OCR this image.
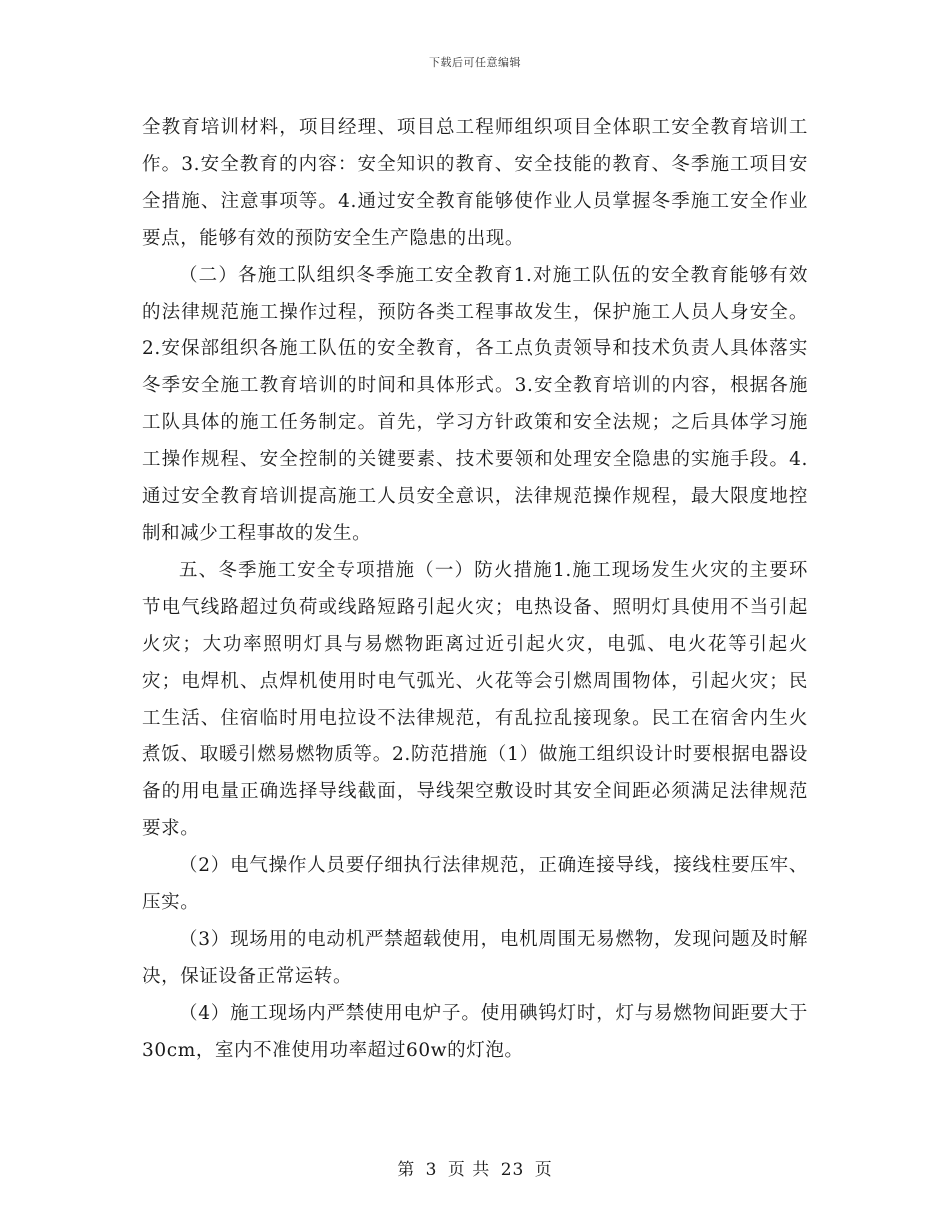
下载后可任意编辑

全教育培训材料，项目经理、项目总工程师组织项目全体职工安全教育培训工作。3.安全教育的内容：安全知识的教育、安全技能的教育、冬季施工项目安全措施、注意事项等。4.通过安全教育能够使作业人员掌握冬季施工安全作业要点，能够有效的预防安全生产隐患的出现。

（二）各施工队组织冬季施工安全教育1.对施工队伍的安全教育能够有效的法律规范施工操作过程，预防各类工程事故发生，保护施工人员人身安全。2.安保部组织各施工队伍的安全教育，各工点负责领导和技术负责人具体落实冬季安全施工教育培训的时间和具体形式。3.安全教育培训的内容，根据各施工队具体的施工任务制定。首先，学习方针政策和安全法规；之后具体学习施工操作规程、安全控制的关键要素、技术要领和处理安全隐患的实施手段。4.通过安全教育培训提高施工人员安全意识，法律规范操作规程，最大限度地控制和减少工程事故的发生。

五、冬季施工安全专项措施（一）防火措施1.施工现场发生火灾的主要环节电气线路超过负荷或线路短路引起火灾；电热设备、照明灯具使用不当引起火灾；大功率照明灯具与易燃物距离过近引起火灾，电弧、电火花等引起火灾；电焊机、点焊机使用时电气弧光、火花等会引燃周围物体，引起火灾；民工生活、住宿临时用电拉设不法律规范，有乱拉乱接现象。民工在宿舍内生火煮饭、取暖引燃易燃物质等。2.防范措施（1）做施工组织设计时要根据电器设备的用电量正确选择导线截面，导线架空敷设时其安全间距必须满足法律规范要求。

（2）电气操作人员要仔细执行法律规范，正确连接导线，接线柱要压牢、压实。

（3）现场用的电动机严禁超载使用，电机周围无易燃物，发现问题及时解决，保证设备正常运转。

（4）施工现场内严禁使用电炉子。使用碘钨灯时，灯与易燃物间距要大于30cm，室内不准使用功率超过60w的灯泡。

第 3 页 共 23 页
